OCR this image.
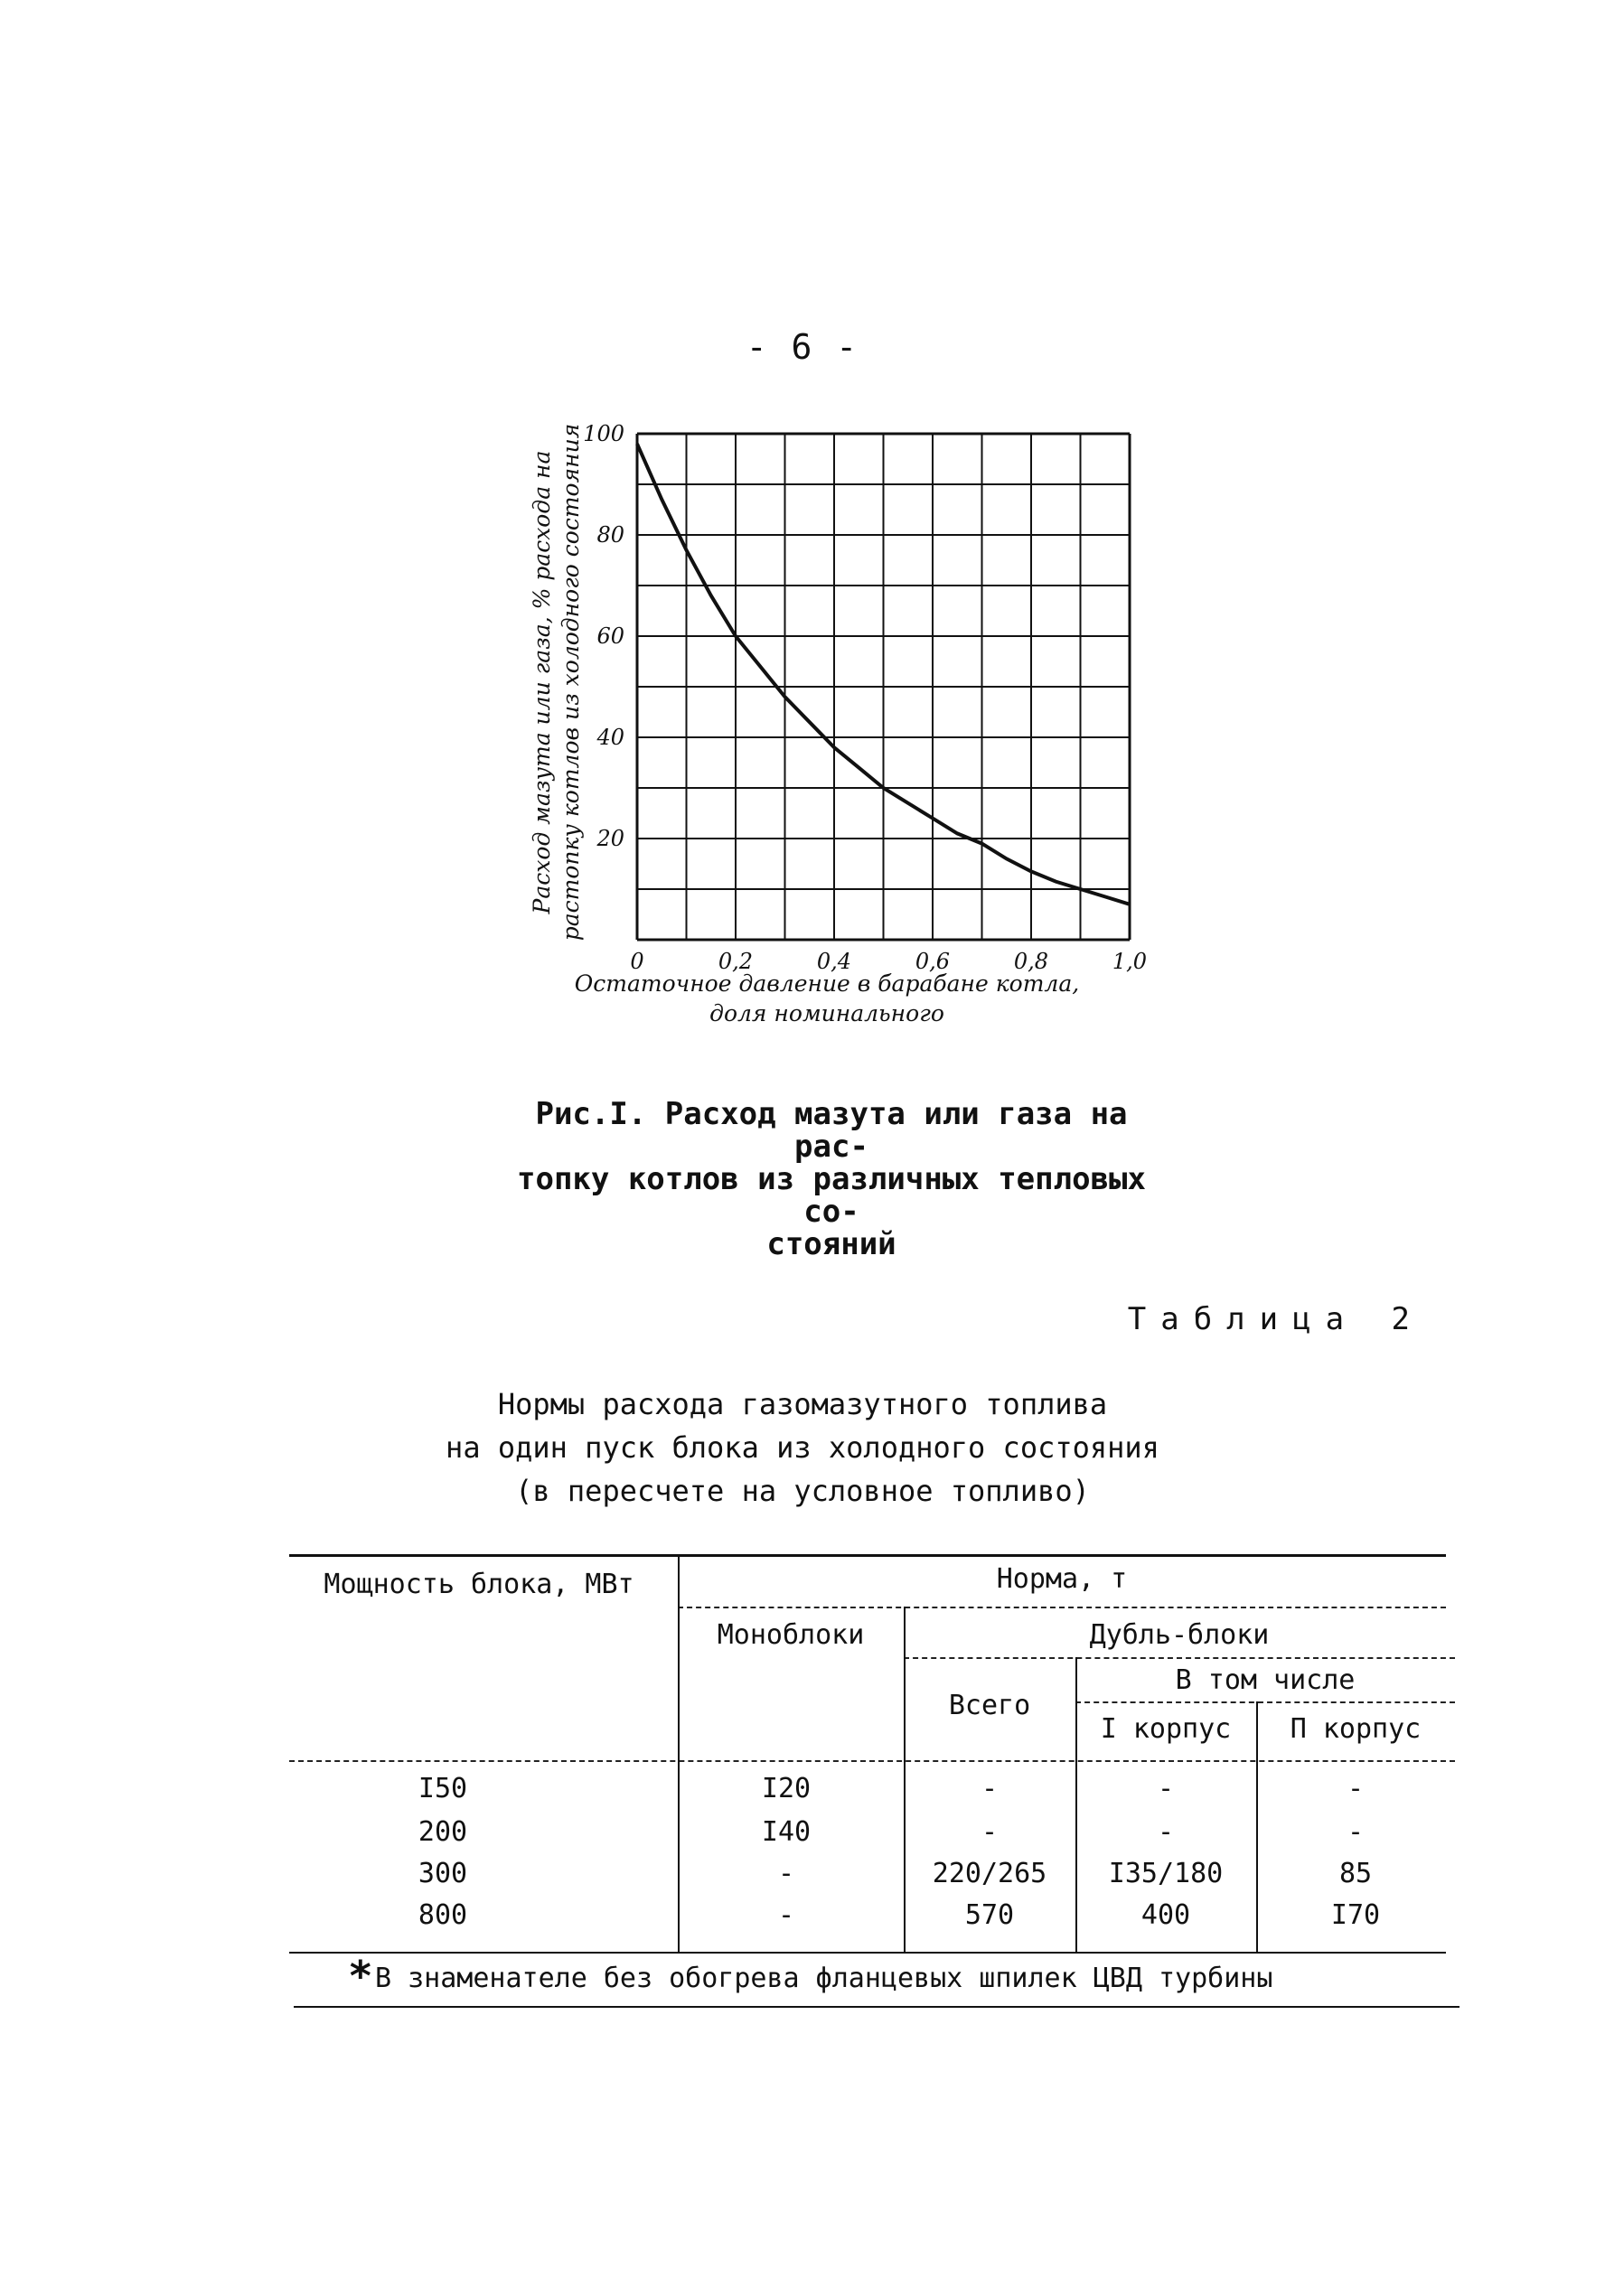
- 6 -
20
40
60
80
100
0	0,2	0,4	0,6	0,8	1,0
Остаточное давление в барабане котла,
доля номинального
Расход мазута или газа, % расхода на растопку котлов из холодного состояния
Рис.I. Расход мазута или газа на рас-
топку котлов из различных тепловых со-
стояний
Таблица 2
Нормы расхода газомазутного топлива
на один пуск блока из холодного состояния
(в пересчете на условное топливо)
Мощность блока, МВт	Норма, т
Моноблоки	Дубль-блоки
Всего
В том числе
I корпус	П корпус
I50	I20	-	-	-
200	I40	-	-	-
300	-	220/265	I35/180	85
800	-	570	400	I70
* В знаменателе без обогрева фланцевых шпилек ЦВД турбины
